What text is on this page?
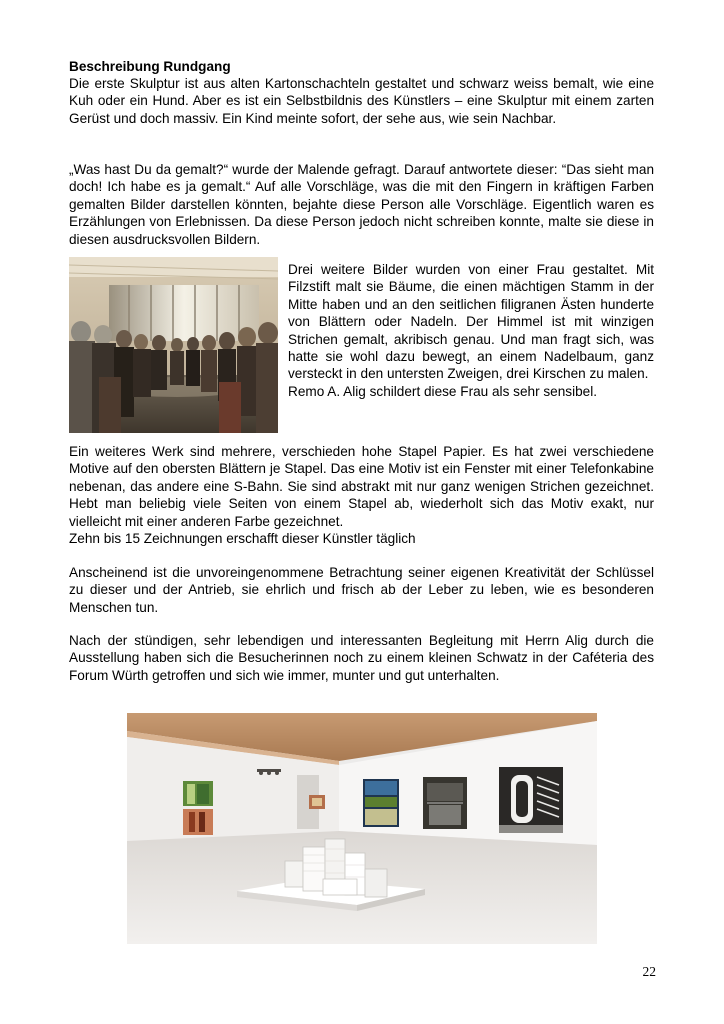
Beschreibung Rundgang

Die erste Skulptur ist aus alten Kartonschachteln gestaltet und schwarz weiss bemalt, wie eine Kuh oder ein Hund. Aber es ist ein Selbstbildnis des Künstlers – eine Skulptur mit einem zarten Gerüst und doch massiv. Ein Kind meinte sofort, der sehe aus, wie sein Nachbar.

„Was hast Du da gemalt?“ wurde der Malende gefragt. Darauf antwortete dieser: “Das sieht man doch! Ich habe es ja gemalt.“ Auf alle Vorschläge, was die mit den Fingern in kräftigen Farben gemalten Bilder darstellen könnten, bejahte diese Person alle Vorschläge. Eigentlich waren es Erzählungen von Erlebnissen. Da diese Person jedoch nicht schreiben konnte, malte sie diese in diesen ausdrucksvollen Bildern.

Drei weitere Bilder wurden von einer Frau gestaltet. Mit Filzstift malt sie Bäume, die einen mächtigen Stamm in der Mitte haben und an den seitlichen filigranen Ästen hunderte von Blättern oder Nadeln. Der Himmel ist mit winzigen Strichen gemalt, akribisch genau. Und man fragt sich, was hatte sie wohl dazu bewegt, an einem Nadelbaum, ganz versteckt in den untersten Zweigen, drei Kirschen zu malen.
Remo A. Alig schildert diese Frau als sehr sensibel.

Ein weiteres Werk sind mehrere, verschieden hohe Stapel Papier. Es hat zwei verschiedene Motive auf den obersten Blättern je Stapel. Das eine Motiv ist ein Fenster mit einer Telefonkabine nebenan, das andere eine S-Bahn. Sie sind abstrakt mit nur ganz wenigen Strichen gezeichnet. Hebt man beliebig viele Seiten von einem Stapel ab, wiederholt sich das Motiv exakt, nur vielleicht mit einer anderen Farbe gezeichnet.
Zehn bis 15 Zeichnungen erschafft dieser Künstler täglich

Anscheinend ist die unvoreingenommene Betrachtung seiner eigenen Kreativität der Schlüssel zu dieser und der Antrieb, sie ehrlich und frisch ab der Leber zu leben, wie es besonderen Menschen tun.

Nach der stündigen, sehr lebendigen und interessanten Begleitung mit Herrn Alig durch die Ausstellung haben sich die Besucherinnen noch zu einem kleinen Schwatz in der Caféteria des Forum Würth getroffen und sich wie immer, munter und gut unterhalten.

22
